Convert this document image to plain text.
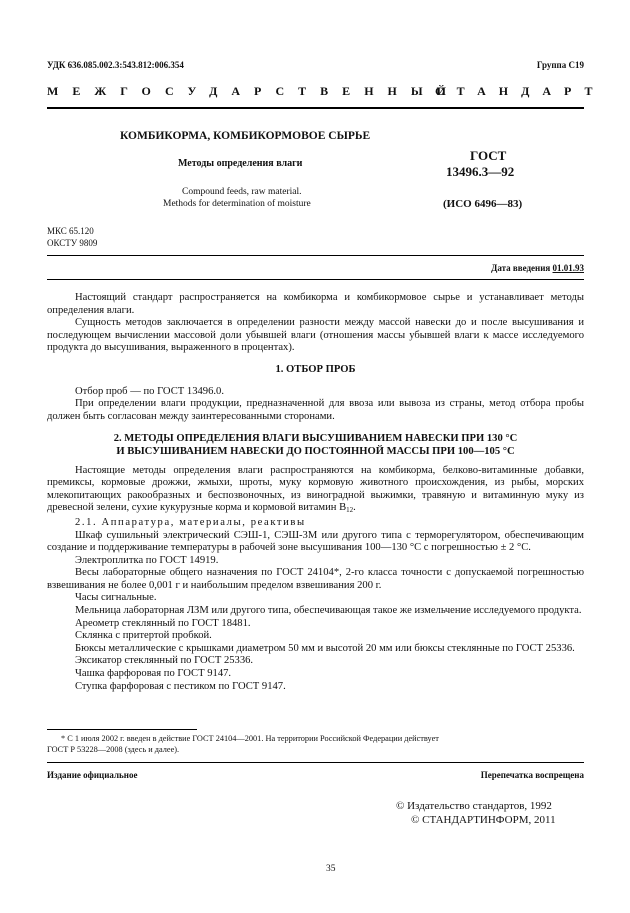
УДК 636.085.002.3:543.812:006.354	Группа С19
МЕЖГОСУДАРСТВЕННЫЙ
СТАНДАРТ
КОМБИКОРМА, КОМБИКОРМОВОЕ СЫРЬЕ
Методы определения влаги
Compound feeds, raw material.
Methods for determination of moisture
ГОСТ
13496.3—92
(ИСО 6496—83)
МКС 65.120
ОКСТУ 9809
Дата введения 01.01.93

Настоящий стандарт распространяется на комбикорма и комбикормовое сырье и устанавливает методы определения влаги.

Сущность методов заключается в определении разности между массой навески до и после высушивания и последующем вычислении массовой доли убывшей влаги (отношения массы убывшей влаги к массе исследуемого продукта до высушивания, выраженного в процентах).

1. ОТБОР ПРОБ

Отбор проб — по ГОСТ 13496.0.

При определении влаги продукции, предназначенной для ввоза или вывоза из страны, метод отбора пробы должен быть согласован между заинтересованными сторонами.

2. МЕТОДЫ ОПРЕДЕЛЕНИЯ ВЛАГИ ВЫСУШИВАНИЕМ НАВЕСКИ ПРИ 130 °С
И ВЫСУШИВАНИЕМ НАВЕСКИ ДО ПОСТОЯННОЙ МАССЫ ПРИ 100—105 °С

Настоящие методы определения влаги распространяются на комбикорма, белково-витаминные добавки, премиксы, кормовые дрожжи, жмыхи, шроты, муку кормовую животного происхождения, из рыбы, морских млекопитающих ракообразных и беспозвоночных, из виноградной выжимки, травяную и витаминную муку из древесной зелени, сухие кукурузные корма и кормовой витамин $B_{12}$.

2.1. Аппаратура, материалы, реактивы

Шкаф сушильный электрический СЭШ-1, СЭШ-3М или другого типа с терморегулятором, обеспечивающим создание и поддерживание температуры в рабочей зоне высушивания 100—130 °С с погрешностью ± 2 °С.

Электроплитка по ГОСТ 14919.

Весы лабораторные общего назначения по ГОСТ 24104*, 2-го класса точности с допускаемой погрешностью взвешивания не более 0,001 г и наибольшим пределом взвешивания 200 г.

Часы сигнальные.

Мельница лабораторная ЛЗМ или другого типа, обеспечивающая такое же измельчение исследуемого продукта.

Ареометр стеклянный по ГОСТ 18481.

Склянка с притертой пробкой.

Бюксы металлические с крышками диаметром 50 мм и высотой 20 мм или бюксы стеклянные по ГОСТ 25336.

Эксикатор стеклянный по ГОСТ 25336.

Чашка фарфоровая по ГОСТ 9147.

Ступка фарфоровая с пестиком по ГОСТ 9147.

* С 1 июля 2002 г. введен в действие ГОСТ 24104—2001. На территории Российской Федерации действует
ГОСТ Р 53228—2008 (здесь и далее).
Издание официальное	Перепечатка воспрещена
© Издательство стандартов, 1992
© СТАНДАРТИНФОРМ, 2011
35
